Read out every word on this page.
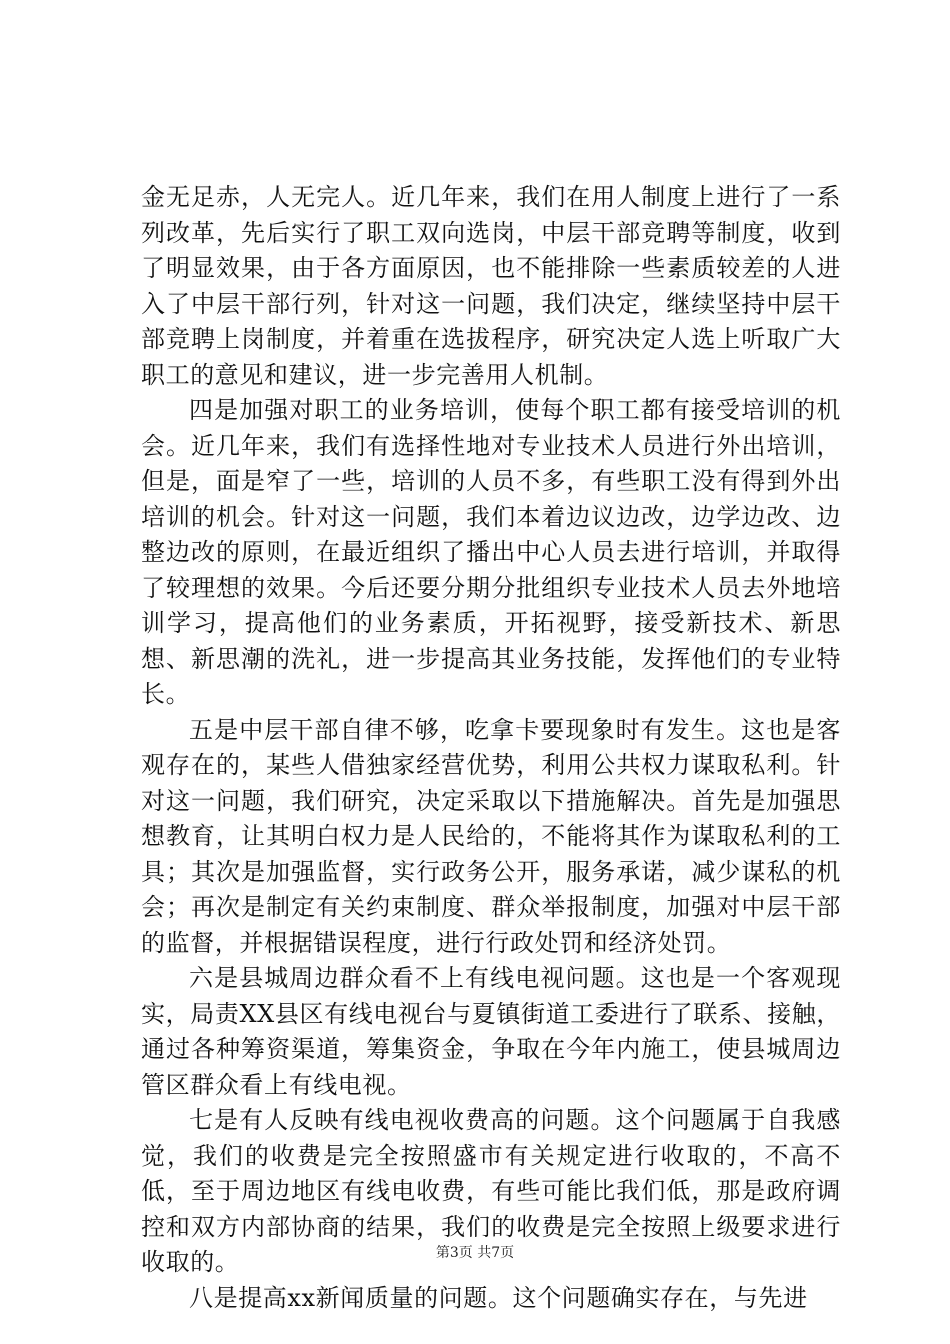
金无足赤，人无完人。近几年来，我们在用人制度上进行了一系列改革，先后实行了职工双向选岗，中层干部竞聘等制度，收到了明显效果，由于各方面原因，也不能排除一些素质较差的人进入了中层干部行列，针对这一问题，我们决定，继续坚持中层干部竞聘上岗制度，并着重在选拔程序，研究决定人选上听取广大职工的意见和建议，进一步完善用人机制。

四是加强对职工的业务培训，使每个职工都有接受培训的机会。近几年来，我们有选择性地对专业技术人员进行外出培训，但是，面是窄了一些，培训的人员不多，有些职工没有得到外出培训的机会。针对这一问题，我们本着边议边改，边学边改、边整边改的原则，在最近组织了播出中心人员去进行培训，并取得了较理想的效果。今后还要分期分批组织专业技术人员去外地培训学习，提高他们的业务素质，开拓视野，接受新技术、新思想、新思潮的洗礼，进一步提高其业务技能，发挥他们的专业特长。

五是中层干部自律不够，吃拿卡要现象时有发生。这也是客观存在的，某些人借独家经营优势，利用公共权力谋取私利。针对这一问题，我们研究，决定采取以下措施解决。首先是加强思想教育，让其明白权力是人民给的，不能将其作为谋取私利的工具；其次是加强监督，实行政务公开，服务承诺，减少谋私的机会；再次是制定有关约束制度、群众举报制度，加强对中层干部的监督，并根据错误程度，进行行政处罚和经济处罚。

六是县城周边群众看不上有线电视问题。这也是一个客观现实，局责XX县区有线电视台与夏镇街道工委进行了联系、接触，通过各种筹资渠道，筹集资金，争取在今年内施工，使县城周边管区群众看上有线电视。

七是有人反映有线电视收费高的问题。这个问题属于自我感觉，我们的收费是完全按照盛市有关规定进行收取的，不高不低，至于周边地区有线电收费，有些可能比我们低，那是政府调控和双方内部协商的结果，我们的收费是完全按照上级要求进行收取的。

八是提高xx新闻质量的问题。这个问题确实存在，与先进

第3页 共7页
